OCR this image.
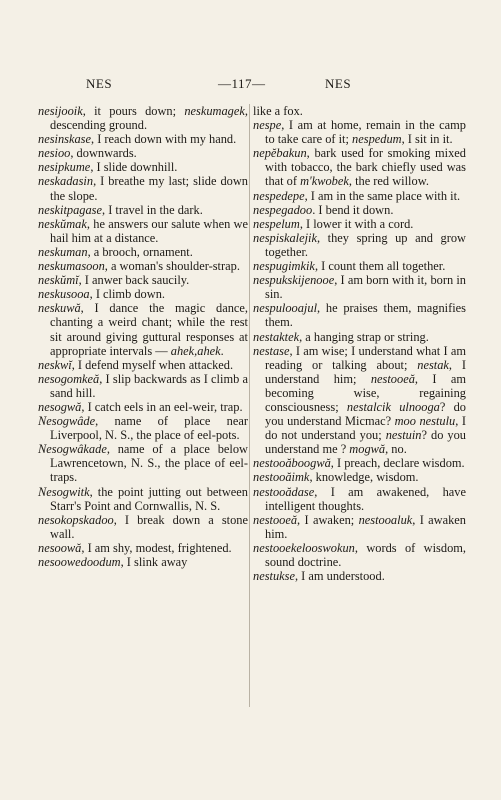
NES	—117—	NES

nesijooik, it pours down; neskumagek, descending ground.

nesinskase, I reach down with my hand.

nesioo, downwards.

nesipkume, I slide downhill.

neskadasin, I breathe my last; slide down the slope.

neskitpagase, I travel in the dark.

neskŭmak, he answers our salute when we hail him at a distance.

neskuman, a brooch, ornament.

neskumasoon, a woman's shoulder-strap.

neskŭmĭ, I anwer back saucily.

neskusooa, I climb down.

neskuwă, I dance the magic dance, chanting a weird chant; while the rest sit around giving guttural responses at appropriate intervals — ahek,ahek.

neskwĭ, I defend myself when attacked.

nesogomkeă, I slip backwards as I climb a sand hill.

nesogwă, I catch eels in an eel-weir, trap.

Nesogwâde, name of place near Liverpool, N. S., the place of eel-pots.

Nesogwâkade, name of a place below Lawrencetown, N. S., the place of eel-traps.

Nesogwitk, the point jutting out between Starr's Point and Cornwallis, N. S.

nesokopskadoo, I break down a stone wall.

nesoowă, I am shy, modest, frightened.

nesoowedoodum, I slink away

like a fox.

nespe, I am at home, remain in the camp to take care of it; nespedum, I sit in it.

nepĕbakun, bark used for smoking mixed with tobacco, the bark chiefly used was that of m'kwobek, the red willow.

nespedepe, I am in the same place with it.

nespegadoo. I bend it down.

nespelum, I lower it with a cord.

nespiskalejik, they spring up and grow together.

nespugimkik, I count them all together.

nespukskijenooe, I am born with it, born in sin.

nespulooajul, he praises them, magnifies them.

nestaktek, a hanging strap or string.

nestase, I am wise; I understand what I am reading or talking about; nestak, I understand him; nestooeă, I am becoming wise, regaining consciousness; nestalcik ulnooga? do you understand Micmac? moo nestulu, I do not understand you; nestuin? do you understand me ? mogwă, no.

nestooăboogwă, I preach, declare wisdom.

nestooăimk, knowledge, wisdom.

nestooădase, I am awakened, have intelligent thoughts.

nestooeă, I awaken; nestooaluk, I awaken him.

nestooekelooswokun, words of wisdom, sound doctrine.

nestukse, I am understood.
